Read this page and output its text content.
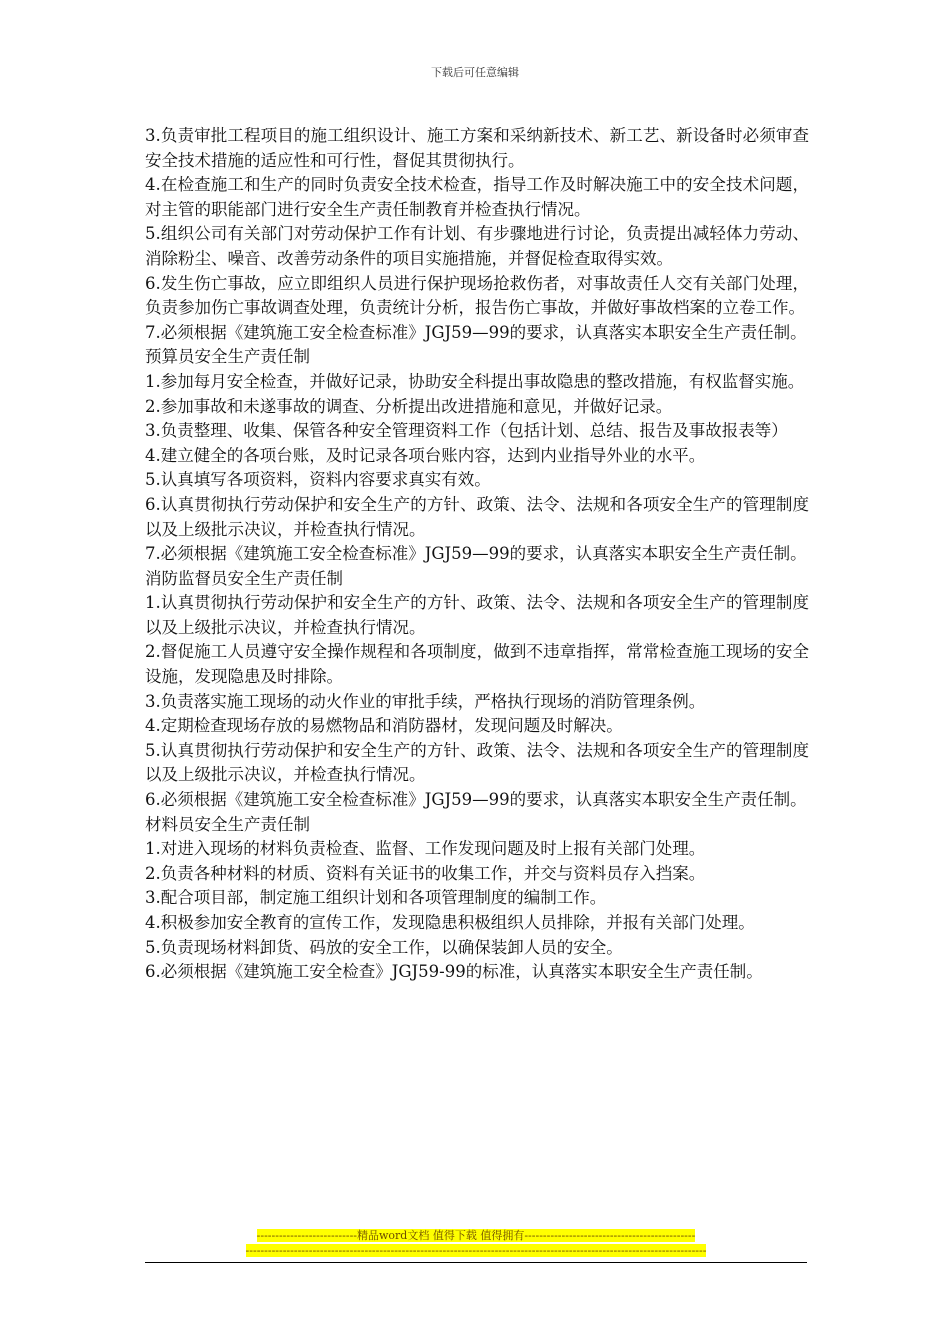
下载后可任意编辑

3.负责审批工程项目的施工组织设计、施工方案和采纳新技术、新工艺、新设备时必须审查安全技术措施的适应性和可行性，督促其贯彻执行。

4.在检查施工和生产的同时负责安全技术检查，指导工作及时解决施工中的安全技术问题，对主管的职能部门进行安全生产责任制教育并检查执行情况。

5.组织公司有关部门对劳动保护工作有计划、有步骤地进行讨论，负责提出减轻体力劳动、消除粉尘、噪音、改善劳动条件的项目实施措施，并督促检查取得实效。

6.发生伤亡事故，应立即组织人员进行保护现场抢救伤者，对事故责任人交有关部门处理，负责参加伤亡事故调查处理，负责统计分析，报告伤亡事故，并做好事故档案的立卷工作。

7.必须根据《建筑施工安全检查标准》JGJ59—99的要求，认真落实本职安全生产责任制。

预算员安全生产责任制

1.参加每月安全检查，并做好记录，协助安全科提出事故隐患的整改措施，有权监督实施。

2.参加事故和未遂事故的调查、分析提出改进措施和意见，并做好记录。

3.负责整理、收集、保管各种安全管理资料工作（包括计划、总结、报告及事故报表等）

4.建立健全的各项台账，及时记录各项台账内容，达到内业指导外业的水平。

5.认真填写各项资料，资料内容要求真实有效。

6.认真贯彻执行劳动保护和安全生产的方针、政策、法令、法规和各项安全生产的管理制度以及上级批示决议，并检查执行情况。

7.必须根据《建筑施工安全检查标准》JGJ59—99的要求，认真落实本职安全生产责任制。

消防监督员安全生产责任制

1.认真贯彻执行劳动保护和安全生产的方针、政策、法令、法规和各项安全生产的管理制度以及上级批示决议，并检查执行情况。

2.督促施工人员遵守安全操作规程和各项制度，做到不违章指挥，常常检查施工现场的安全设施，发现隐患及时排除。

3.负责落实施工现场的动火作业的审批手续，严格执行现场的消防管理条例。

4.定期检查现场存放的易燃物品和消防器材，发现问题及时解决。

5.认真贯彻执行劳动保护和安全生产的方针、政策、法令、法规和各项安全生产的管理制度以及上级批示决议，并检查执行情况。

6.必须根据《建筑施工安全检查标准》JGJ59—99的要求，认真落实本职安全生产责任制。

材料员安全生产责任制

1.对进入现场的材料负责检查、监督、工作发现问题及时上报有关部门处理。

2.负责各种材料的材质、资料有关证书的收集工作，并交与资料员存入挡案。

3.配合项目部，制定施工组织计划和各项管理制度的编制工作。

4.积极参加安全教育的宣传工作，发现隐患积极组织人员排除，并报有关部门处理。

5.负责现场材料卸货、码放的安全工作，以确保装卸人员的安全。

6.必须根据《建筑施工安全检查》JGJ59-99的标准，认真落实本职安全生产责任制。

---------------------------精品word文档 值得下载 值得拥有----------------------------------------------
----------------------------------------------------------------------------------------------------------------------------
